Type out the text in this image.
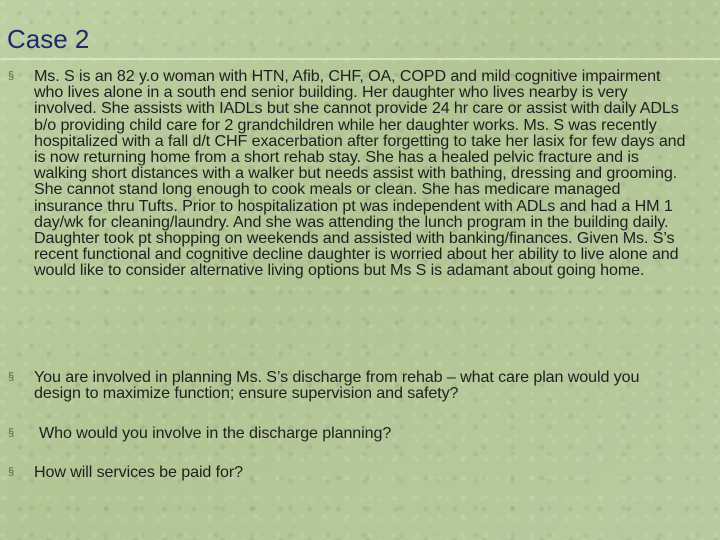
Case 2
§ Ms. S is an 82 y.o woman with HTN, Afib, CHF, OA, COPD and mild cognitive impairment who lives alone in a south end senior building. Her daughter who lives nearby is very involved. She assists with IADLs but she cannot provide 24 hr care or assist with daily ADLs b/o providing child care for 2 grandchildren while her daughter works. Ms. S was recently hospitalized with a fall d/t CHF exacerbation after forgetting to take her lasix for few days and is now returning home from a short rehab stay. She has a healed pelvic fracture and is walking short distances with a walker but needs assist with bathing, dressing and grooming. She cannot stand long enough to cook meals or clean. She has medicare managed insurance thru Tufts. Prior to hospitalization pt was independent with ADLs and had a HM 1 day/wk for cleaning/laundry. And she was attending the lunch program in the building daily. Daughter took pt shopping on weekends and assisted with banking/finances. Given Ms. S’s recent functional and cognitive decline daughter is worried about her ability to live alone and would like to consider alternative living options but Ms S is adamant about going home.
§ You are involved in planning Ms. S’s discharge from rehab – what care plan would you design to maximize function; ensure supervision and safety?
§ Who would you involve in the discharge planning?
§ How will services be paid for?
